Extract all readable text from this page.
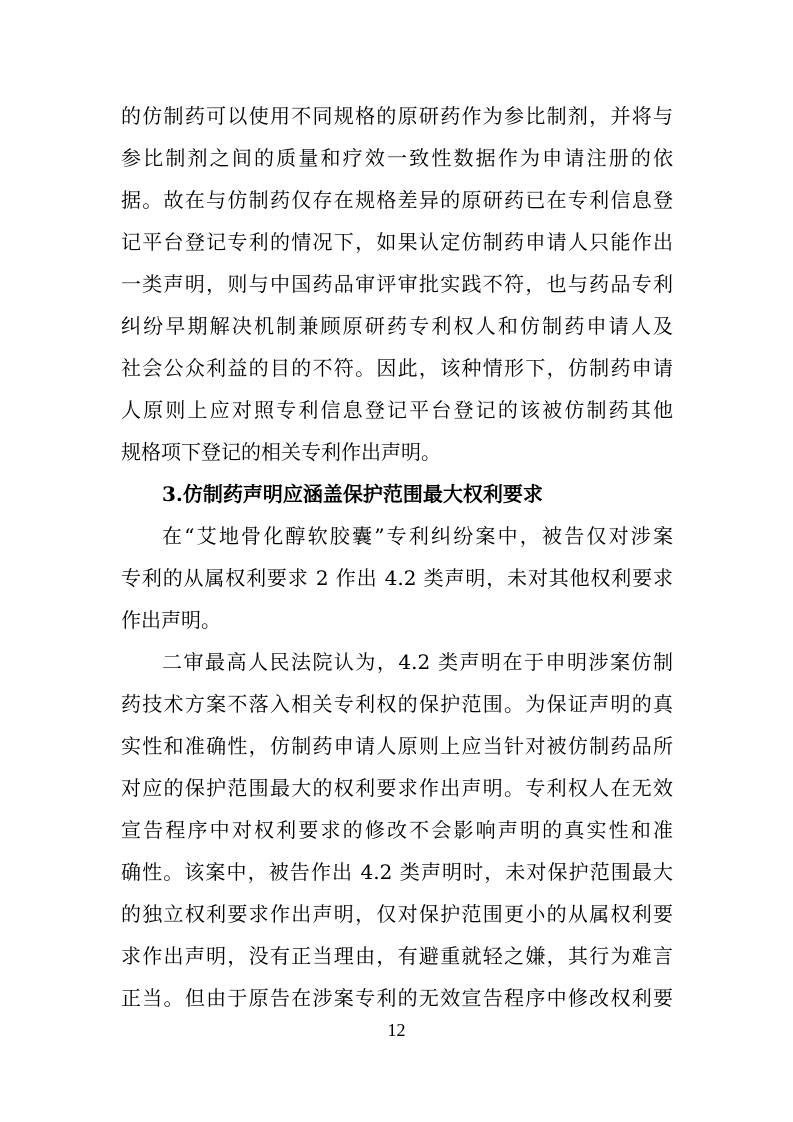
的仿制药可以使用不同规格的原研药作为参比制剂，并将与
参比制剂之间的质量和疗效一致性数据作为申请注册的依
据。故在与仿制药仅存在规格差异的原研药已在专利信息登
记平台登记专利的情况下，如果认定仿制药申请人只能作出
一类声明，则与中国药品审评审批实践不符，也与药品专利
纠纷早期解决机制兼顾原研药专利权人和仿制药申请人及
社会公众利益的目的不符。因此，该种情形下，仿制药申请
人原则上应对照专利信息登记平台登记的该被仿制药其他
规格项下登记的相关专利作出声明。
3.仿制药声明应涵盖保护范围最大权利要求
在“艾地骨化醇软胶囊”专利纠纷案中，被告仅对涉案
专利的从属权利要求 2 作出 4.2 类声明，未对其他权利要求
作出声明。
二审最高人民法院认为，4.2 类声明在于申明涉案仿制
药技术方案不落入相关专利权的保护范围。为保证声明的真
实性和准确性，仿制药申请人原则上应当针对被仿制药品所
对应的保护范围最大的权利要求作出声明。专利权人在无效
宣告程序中对权利要求的修改不会影响声明的真实性和准
确性。该案中，被告作出 4.2 类声明时，未对保护范围最大
的独立权利要求作出声明，仅对保护范围更小的从属权利要
求作出声明，没有正当理由，有避重就轻之嫌，其行为难言
正当。但由于原告在涉案专利的无效宣告程序中修改权利要
12
